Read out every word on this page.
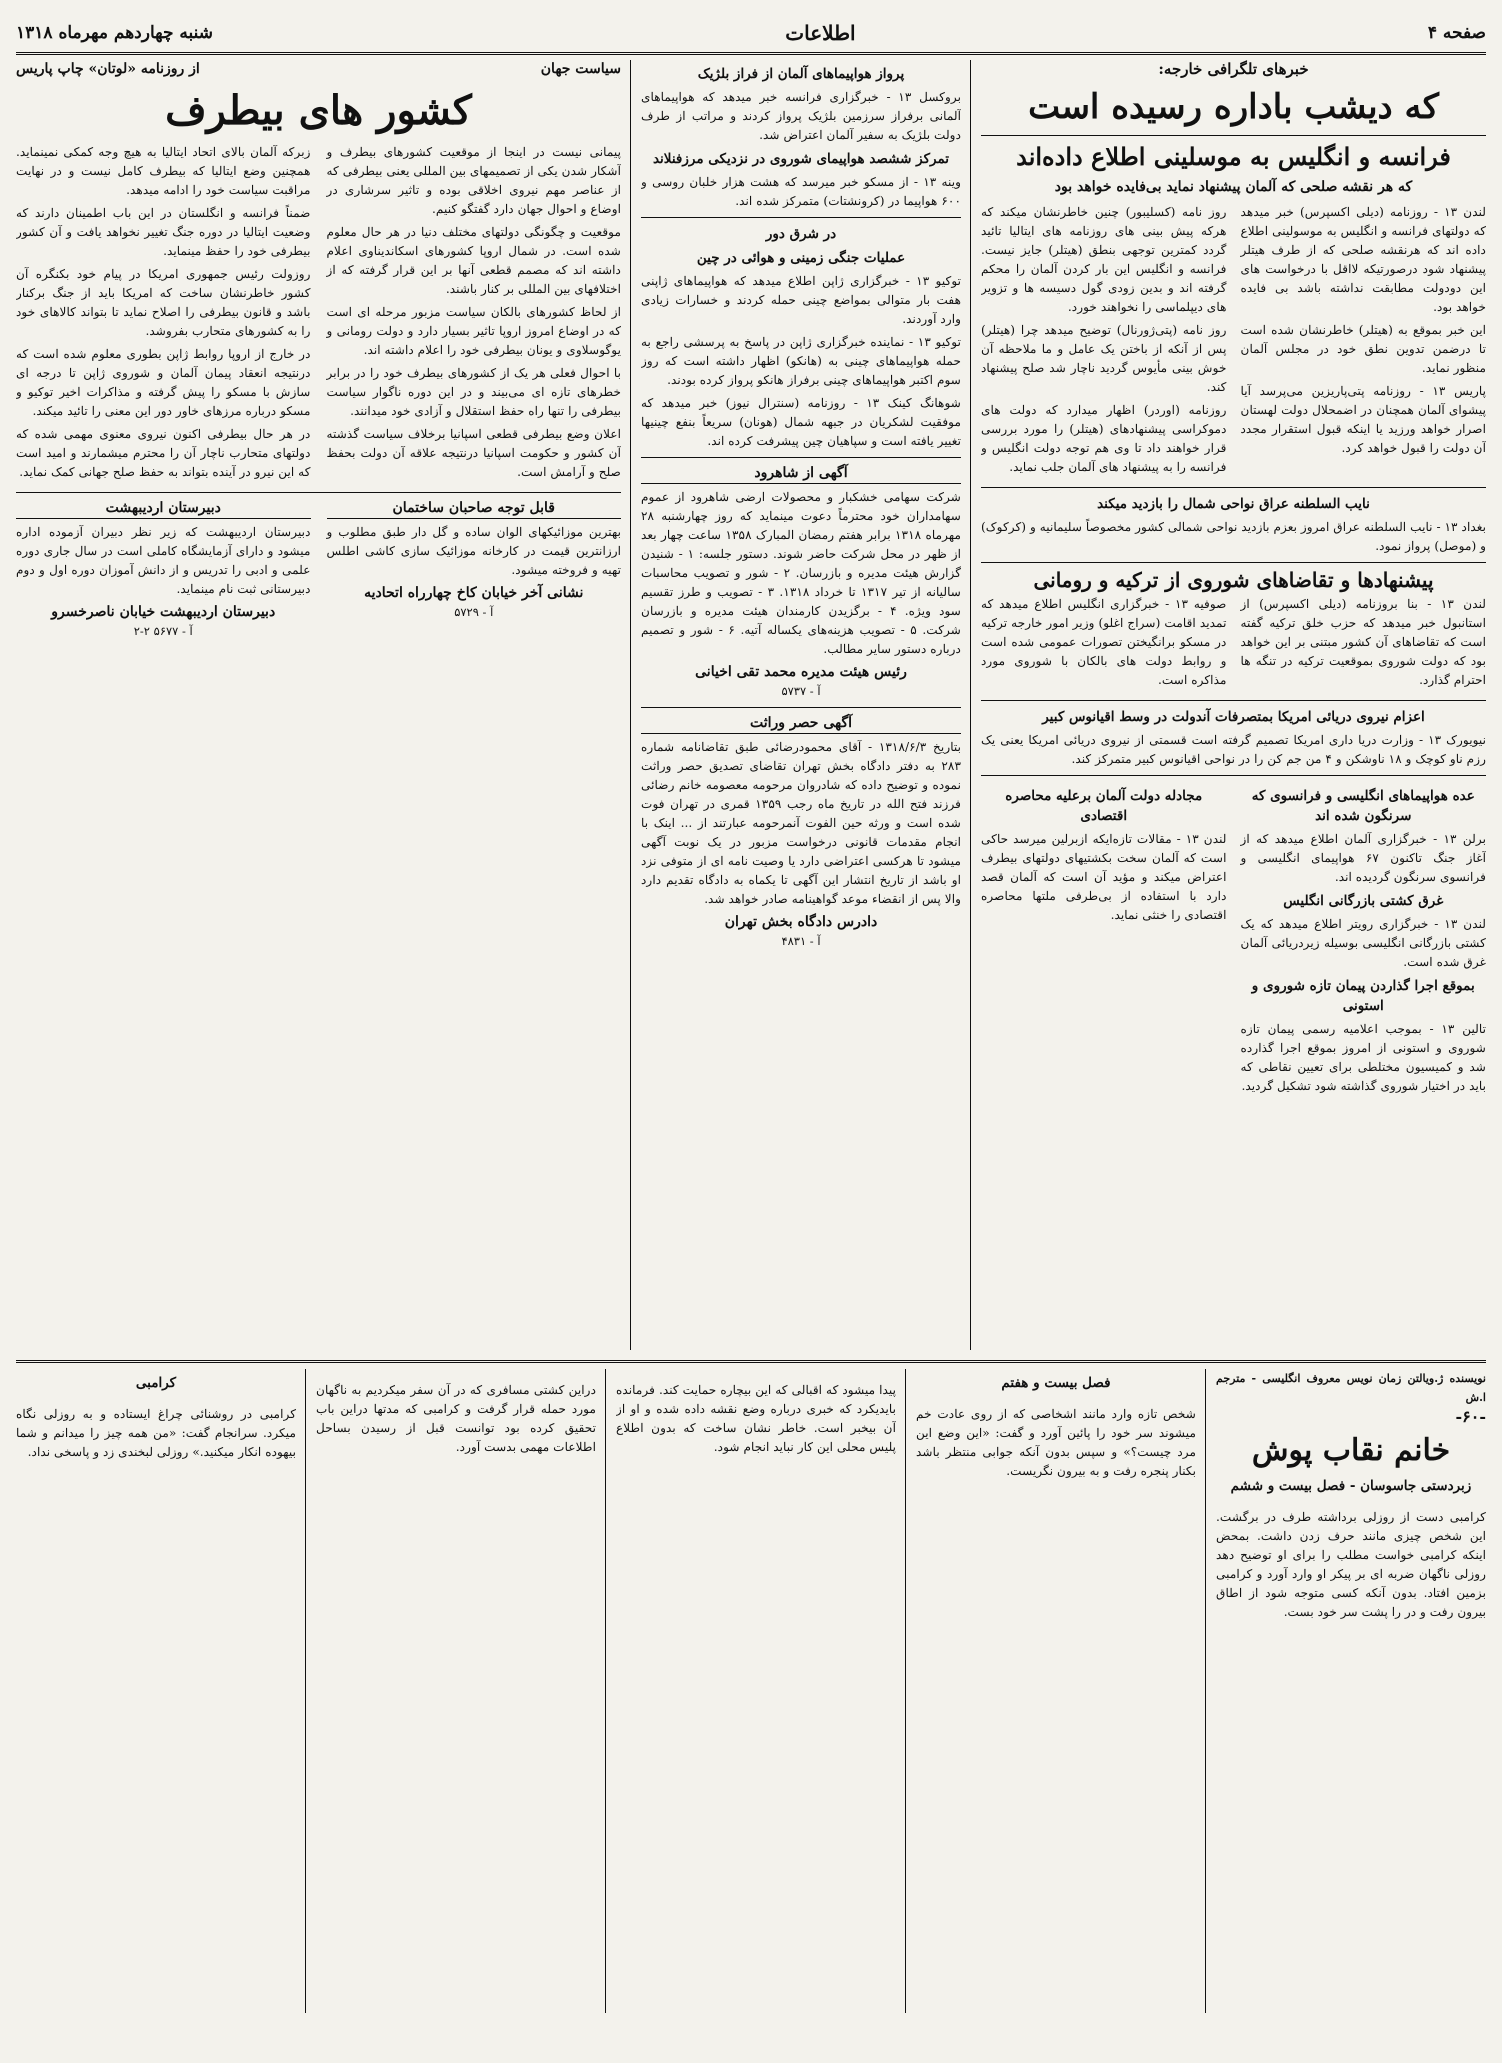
صفحه ۴
اطلاعات
شنبه چهاردهم مهرماه ۱۳۱۸
خبرهای تلگرافی خارجه:
که دیشب باداره رسیده است
فرانسه و انگلیس به موسلینی اطلاع داده‌اند
که هر نقشه صلحی که آلمان پیشنهاد نماید بی‌فایده خواهد بود

لندن ۱۳ - روزنامه (دیلی اکسپرس) خبر میدهد که دولتهای فرانسه و انگلیس به موسولینی اطلاع داده اند که هرنقشه صلحی که از طرف هیتلر پیشنهاد شود درصورتیکه لااقل با درخواست های این دودولت مطابقت نداشته باشد بی فایده خواهد بود.

این خبر بموقع به (هیتلر) خاطرنشان شده است تا درضمن تدوین نطق خود در مجلس آلمان منظور نماید.

پاریس ۱۳ - روزنامه پتی‌پاریزین می‌پرسد آیا پیشوای آلمان همچنان در اضمحلال دولت لهستان اصرار خواهد ورزید یا اینکه قبول استقرار مجدد آن دولت را قبول خواهد کرد.

روز نامه (کسلیبور) چنین خاطرنشان میکند که هرکه پیش بینی های روزنامه های ایتالیا تائید گردد کمترین توجهی بنطق (هیتلر) جایز نیست. فرانسه و انگلیس این بار کردن آلمان را محکم گرفته اند و بدین زودی گول دسیسه ها و تزویر های دیپلماسی را نخواهند خورد.

روز نامه (پتی‌ژورنال) توضیح میدهد چرا (هیتلر) پس از آنکه از باختن یک عامل و ما ملاحظه آن خوش بینی مأیوس گردید ناچار شد صلح پیشنهاد کند.

روزنامه (اوردر) اظهار میدارد که دولت های دموکراسی پیشنهادهای (هیتلر) را مورد بررسی قرار خواهند داد تا وی هم توجه دولت انگلیس و فرانسه را به پیشنهاد های آلمان جلب نماید.

نایب السلطنه عراق نواحی شمال را بازدید میکند

بغداد ۱۳ - نایب السلطنه عراق امروز بعزم بازدید نواحی شمالی کشور مخصوصاً سلیمانیه و (کرکوک) و (موصل) پرواز نمود.

پیشنهادها و تقاضاهای شوروی از ترکیه و رومانی

لندن ۱۳ - بنا بروزنامه (دیلی اکسپرس) از استانبول خبر میدهد که حزب خلق ترکیه گفته است که تقاضاهای آن کشور مبتنی بر این خواهد بود که دولت شوروی بموقعیت ترکیه در تنگه ها احترام گذارد.

صوفیه ۱۳ - خبرگزاری انگلیس اطلاع میدهد که تمدید اقامت (سراج اغلو) وزیر امور خارجه ترکیه در مسکو برانگیختن تصورات عمومی شده است و روابط دولت های بالکان با شوروی مورد مذاکره است.

اعزام نیروی دریائی امریکا بمتصرفات آندولت در وسط اقیانوس کبیر

نیویورک ۱۳ - وزارت دریا داری امریکا تصمیم گرفته است قسمتی از نیروی دریائی امریکا یعنی یک رزم ناو کوچک و ۱۸ ناوشکن و ۴ من جم کن را در نواحی اقیانوس کبیر متمرکز کند.

عده هواپیماهای انگلیسی و فرانسوی که سرنگون شده اند

برلن ۱۳ - خبرگزاری آلمان اطلاع میدهد که از آغاز جنگ تاکنون ۶۷ هواپیمای انگلیسی و فرانسوی سرنگون گردیده اند.

غرق کشتی بازرگانی انگلیس

لندن ۱۳ - خبرگزاری رویتر اطلاع میدهد که یک کشتی بازرگانی انگلیسی بوسیله زیردریائی آلمان غرق شده است.

بموقع اجرا گذاردن پیمان تازه شوروی و استونی

تالین ۱۳ - بموجب اعلامیه رسمی پیمان تازه شوروی و استونی از امروز بموقع اجرا گذارده شد و کمیسیون مختلطی برای تعیین نقاطی که باید در اختیار شوروی گذاشته شود تشکیل گردید.

مجادله دولت آلمان برعلیه محاصره اقتصادی

لندن ۱۳ - مقالات تازه‌ایکه ازبرلین میرسد حاکی است که آلمان سخت بکشتیهای دولتهای بیطرف اعتراض میکند و مؤید آن است که آلمان قصد دارد با استفاده از بی‌طرفی ملتها محاصره اقتصادی را خنثی نماید.

پرواز هواپیماهای آلمان از فراز بلژیک

بروکسل ۱۳ - خبرگزاری فرانسه خبر میدهد که هواپیماهای آلمانی برفراز سرزمین بلژیک پرواز کردند و مراتب از طرف دولت بلژیک به سفیر آلمان اعتراض شد.

تمرکز ششصد هواپیمای شوروی در نزدیکی مرزفنلاند

وینه ۱۳ - از مسکو خبر میرسد که هشت هزار خلبان روسی و ۶۰۰ هواپیما در (کرونشتات) متمرکز شده اند.

در شرق دور
عملیات جنگی زمینی و هوائی در چین

توکیو ۱۳ - خبرگزاری ژاپن اطلاع میدهد که هواپیماهای ژاپنی هفت بار متوالی بمواضع چینی حمله کردند و خسارات زیادی وارد آوردند.

توکیو ۱۳ - نماینده خبرگزاری ژاپن در پاسخ به پرسشی راجع به حمله هواپیماهای چینی به (هانکو) اظهار داشته است که روز سوم اکتبر هواپیماهای چینی برفراز هانکو پرواز کرده بودند.

شوهانگ کینک ۱۳ - روزنامه (سنترال نیوز) خبر میدهد که موفقیت لشکریان در جبهه شمال (هونان) سریعاً بنفع چینیها تغییر یافته است و سپاهیان چین پیشرفت کرده اند.

آگهی از شاهرود

شرکت سهامی خشکبار و محصولات ارضی شاهرود از عموم سهامداران خود محترماً دعوت مینماید که روز چهارشنبه ۲۸ مهرماه ۱۳۱۸ برابر هفتم رمضان المبارک ۱۳۵۸ ساعت چهار بعد از ظهر در محل شرکت حاضر شوند. دستور جلسه: ۱ - شنیدن گزارش هیئت مدیره و بازرسان. ۲ - شور و تصویب محاسبات سالیانه از تیر ۱۳۱۷ تا خرداد ۱۳۱۸. ۳ - تصویب و طرز تقسیم سود ویژه. ۴ - برگزیدن کارمندان هیئت مدیره و بازرسان شرکت. ۵ - تصویب هزینه‌های یکساله آتیه. ۶ - شور و تصمیم درباره دستور سایر مطالب.

رئیس هیئت مدیره محمد تقی اخیانی
آ - ۵۷۳۷
آگهی حصر وراثت

بتاریخ ۱۳۱۸/۶/۳ - آقای محمودرضائی طبق تقاضانامه شماره ۲۸۳ به دفتر دادگاه بخش تهران تقاضای تصدیق حصر وراثت نموده و توضیح داده که شادروان مرحومه معصومه خانم رضائی فرزند فتح الله در تاریخ ماه رجب ۱۳۵۹ قمری در تهران فوت شده است و ورثه حین الفوت آنمرحومه عبارتند از ... اینک با انجام مقدمات قانونی درخواست مزبور در یک نوبت آگهی میشود تا هرکسی اعتراضی دارد یا وصیت نامه ای از متوفی نزد او باشد از تاریخ انتشار این آگهی تا یکماه به دادگاه تقدیم دارد والا پس از انقضاء موعد گواهینامه صادر خواهد شد.

دادرس دادگاه بخش تهران
آ - ۴۸۳۱
سیاست جهان
از روزنامه «لوتان» چاپ پاریس
کشور های بیطرف

پیمانی نیست در اینجا از موقعیت کشورهای بیطرف و آشکار شدن یکی از تصمیمهای بین المللی یعنی بیطرفی که از عناصر مهم نیروی اخلاقی بوده و تاثیر سرشاری در اوضاع و احوال جهان دارد گفتگو کنیم.

موقعیت و چگونگی دولتهای مختلف دنیا در هر حال معلوم شده است. در شمال اروپا کشورهای اسکاندیناوی اعلام داشته اند که مصمم قطعی آنها بر این قرار گرفته که از اختلافهای بین المللی بر کنار باشند.

از لحاظ کشورهای بالکان سیاست مزبور مرحله ای است که در اوضاع امروز اروپا تاثیر بسیار دارد و دولت رومانی و یوگوسلاوی و یونان بیطرفی خود را اعلام داشته اند.

با احوال فعلی هر یک از کشورهای بیطرف خود را در برابر خطرهای تازه ای می‌بیند و در این دوره ناگوار سیاست بیطرفی را تنها راه حفظ استقلال و آزادی خود میدانند.

اعلان وضع بیطرفی قطعی اسپانیا برخلاف سیاست گذشته آن کشور و حکومت اسپانیا درنتیجه علاقه آن دولت بحفظ صلح و آرامش است.

زبرکه آلمان بالای اتحاد ایتالیا به هیچ وجه کمکی نمینماید. همچنین وضع ایتالیا که بیطرف کامل نیست و در نهایت مراقبت سیاست خود را ادامه میدهد.

ضمناً فرانسه و انگلستان در این باب اطمینان دارند که وضعیت ایتالیا در دوره جنگ تغییر نخواهد یافت و آن کشور بیطرفی خود را حفظ مینماید.

روزولت رئیس جمهوری امریکا در پیام خود بکنگره آن کشور خاطرنشان ساخت که امریکا باید از جنگ برکنار باشد و قانون بیطرفی را اصلاح نماید تا بتواند کالاهای خود را به کشورهای متحارب بفروشد.

در خارج از اروپا روابط ژاپن بطوری معلوم شده است که درنتیجه انعقاد پیمان آلمان و شوروی ژاپن تا درجه ای سازش با مسکو را پیش گرفته و مذاکرات اخیر توکیو و مسکو درباره مرزهای خاور دور این معنی را تائید میکند.

در هر حال بیطرفی اکنون نیروی معنوی مهمی شده که دولتهای متحارب ناچار آن را محترم میشمارند و امید است که این نیرو در آینده بتواند به حفظ صلح جهانی کمک نماید.

قابل توجه صاحبان ساختمان

بهترین موزائیکهای الوان ساده و گل دار طبق مطلوب و ارزانترین قیمت در کارخانه موزائیک سازی کاشی اطلس تهیه و فروخته میشود.

نشانی آخر خیابان کاخ چهارراه اتحادیه
آ - ۵۷۲۹
دبیرستان اردیبهشت

دبیرستان اردیبهشت که زیر نظر دبیران آزموده اداره میشود و دارای آزمایشگاه کاملی است در سال جاری دوره علمی و ادبی را تدریس و از دانش آموزان دوره اول و دوم دبیرستانی ثبت نام مینماید.

دبیرستان اردیبهشت خیابان ناصرخسرو
آ - ۵۶۷۷ ۲-۲
نویسنده ژ.ویالتن زمان نویس معروف انگلیسی - مترجم ا.ش
-۶۰-
خانم نقاب پوش
زبردستی جاسوسان - فصل بیست و ششم

کرامبی دست از روزلی برداشته طرف در برگشت. این شخص چیزی مانند حرف زدن داشت. بمحض اینکه کرامبی خواست مطلب را برای او توضیح دهد روزلی ناگهان ضربه ای بر پیکر او وارد آورد و کرامبی بزمین افتاد. بدون آنکه کسی متوجه شود از اطاق بیرون رفت و در را پشت سر خود بست.

فصل بیست و هفتم

شخص تازه وارد مانند اشخاصی که از روی عادت خم میشوند سر خود را پائین آورد و گفت: «این وضع این مرد چیست؟» و سپس بدون آنکه جوابی منتظر باشد بکنار پنجره رفت و به بیرون نگریست.

پیدا میشود که اقبالی که این بیچاره حمایت کند. فرمانده بایدیکرد که خبری درباره وضع نقشه داده شده و او از آن بیخبر است. خاطر نشان ساخت که بدون اطلاع پلیس محلی این کار نباید انجام شود.

دراین کشتی مسافری که در آن سفر میکردیم به ناگهان مورد حمله قرار گرفت و کرامبی که مدتها دراین باب تحقیق کرده بود توانست قبل از رسیدن بساحل اطلاعات مهمی بدست آورد.

کرامبی

کرامبی در روشنائی چراغ ایستاده و به روزلی نگاه میکرد. سرانجام گفت: «من همه چیز را میدانم و شما بیهوده انکار میکنید.» روزلی لبخندی زد و پاسخی نداد.
